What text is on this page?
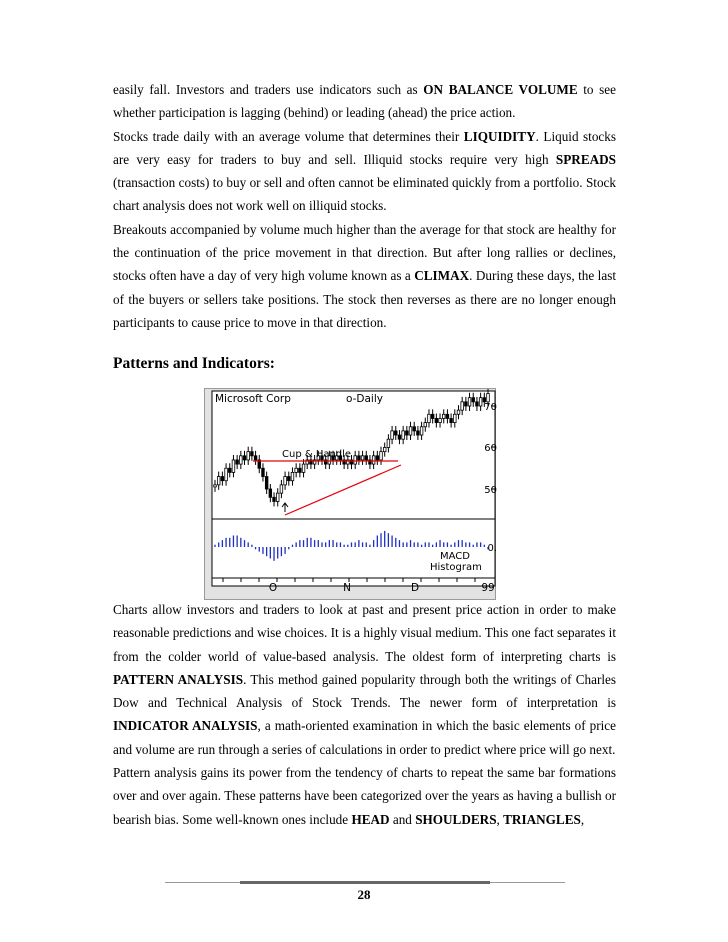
easily fall. Investors and traders use indicators such as ON BALANCE VOLUME to see whether participation is lagging (behind) or leading (ahead) the price action.

Stocks trade daily with an average volume that determines their LIQUIDITY. Liquid stocks are very easy for traders to buy and sell. Illiquid stocks require very high SPREADS (transaction costs) to buy or sell and often cannot be eliminated quickly from a portfolio. Stock chart analysis does not work well on illiquid stocks.

Breakouts accompanied by volume much higher than the average for that stock are healthy for the continuation of the price movement in that direction. But after long rallies or declines, stocks often have a day of very high volume known as a CLIMAX. During these days, the last of the buyers or sellers take positions. The stock then reverses as there are no longer enough participants to cause price to move in that direction.

Patterns and Indicators:
Microsoft Corp	o-Daily
70
60
50
0.
Cup & Handle
MACD
Histogram
O	N	D	99

Charts allow investors and traders to look at past and present price action in order to make reasonable predictions and wise choices. It is a highly visual medium. This one fact separates it from the colder world of value-based analysis. The oldest form of interpreting charts is PATTERN ANALYSIS. This method gained popularity through both the writings of Charles Dow and Technical Analysis of Stock Trends. The newer form of interpretation is INDICATOR ANALYSIS, a math-oriented examination in which the basic elements of price and volume are run through a series of calculations in order to predict where price will go next.

Pattern analysis gains its power from the tendency of charts to repeat the same bar formations over and over again. These patterns have been categorized over the years as having a bullish or bearish bias. Some well-known ones include HEAD and SHOULDERS, TRIANGLES,

28
